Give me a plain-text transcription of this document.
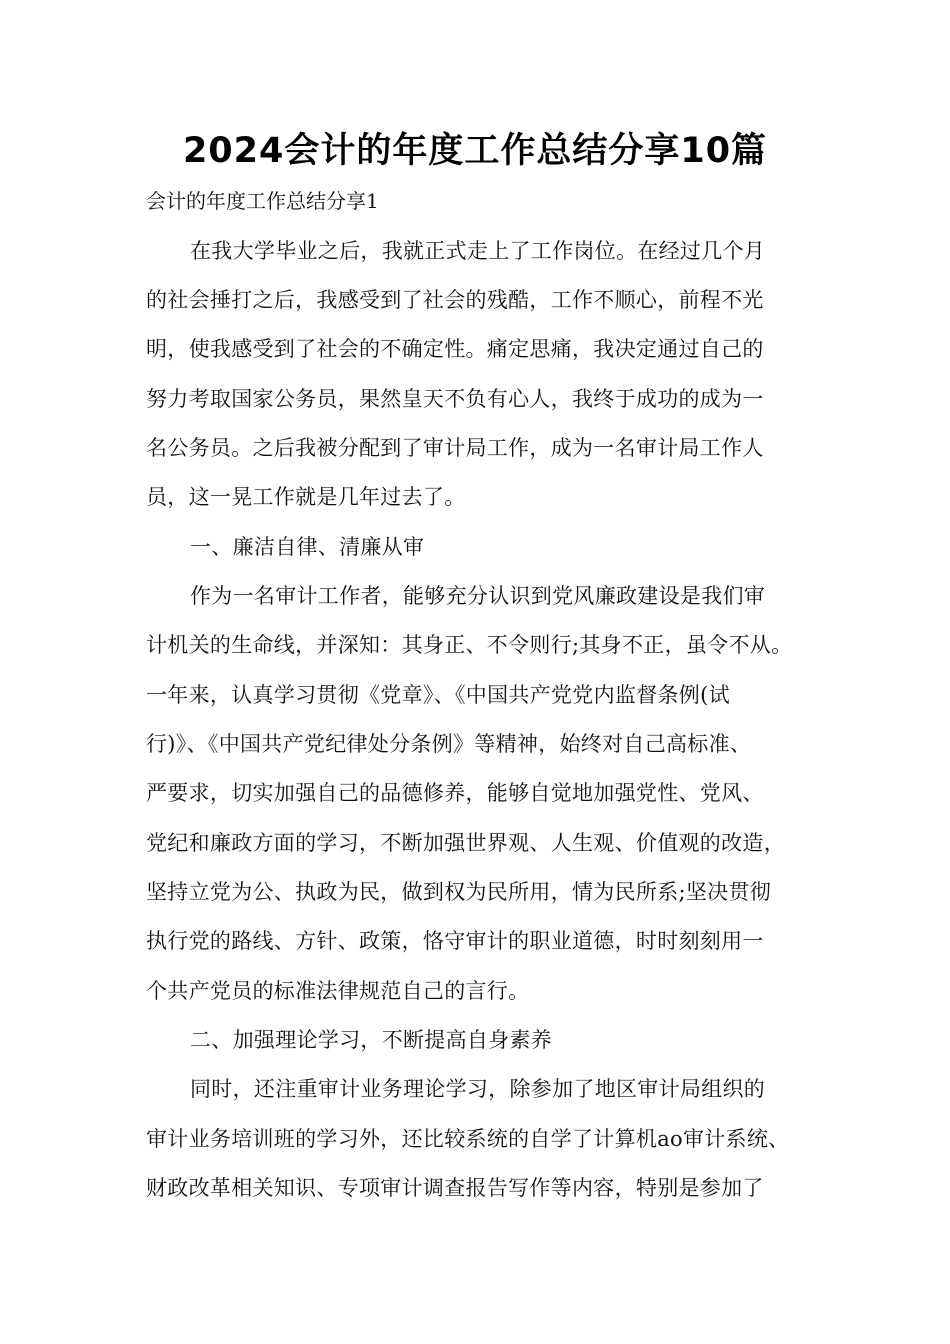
2024会计的年度工作总结分享10篇

会计的年度工作总结分享1

在我大学毕业之后，我就正式走上了工作岗位。在经过几个月

的社会捶打之后，我感受到了社会的残酷，工作不顺心，前程不光

明，使我感受到了社会的不确定性。痛定思痛，我决定通过自己的

努力考取国家公务员，果然皇天不负有心人，我终于成功的成为一

名公务员。之后我被分配到了审计局工作，成为一名审计局工作人

员，这一晃工作就是几年过去了。

一、廉洁自律、清廉从审

作为一名审计工作者，能够充分认识到党风廉政建设是我们审

计机关的生命线，并深知：其身正、不令则行;其身不正，虽令不从。

一年来，认真学习贯彻《党章》、《中国共产党党内监督条例(试

行)》、《中国共产党纪律处分条例》等精神，始终对自己高标准、

严要求，切实加强自己的品德修养，能够自觉地加强党性、党风、

党纪和廉政方面的学习，不断加强世界观、人生观、价值观的改造，

坚持立党为公、执政为民，做到权为民所用，情为民所系;坚决贯彻

执行党的路线、方针、政策，恪守审计的职业道德，时时刻刻用一

个共产党员的标准法律规范自己的言行。

二、加强理论学习，不断提高自身素养

同时，还注重审计业务理论学习，除参加了地区审计局组织的

审计业务培训班的学习外，还比较系统的自学了计算机ao审计系统、

财政改革相关知识、专项审计调查报告写作等内容，特别是参加了
